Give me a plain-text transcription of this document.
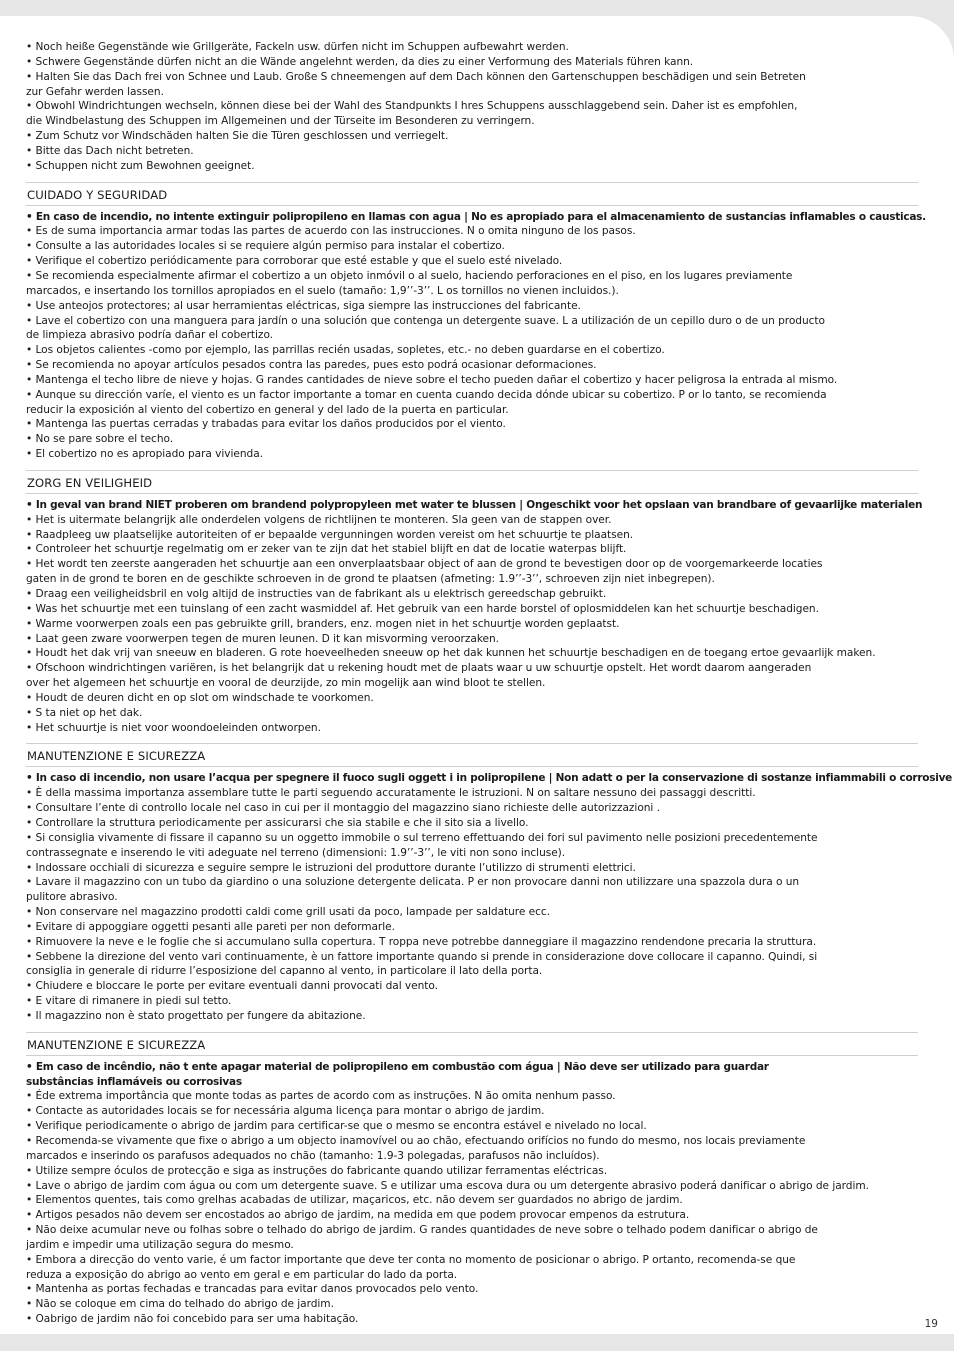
• Noch heiße Gegenstände wie Grillgeräte, Fackeln usw. dürfen nicht im Schuppen aufbewahrt werden.
• Schwere Gegenstände dürfen nicht an die Wände angelehnt werden, da dies zu einer Verformung des Materials führen kann.
• Halten Sie das Dach frei von Schnee und Laub. Große S chneemengen auf dem Dach können den Gartenschuppen beschädigen und sein Betreten
zur Gefahr werden lassen.
• Obwohl Windrichtungen wechseln, können diese bei der Wahl des Standpunkts I hres Schuppens ausschlaggebend sein. Daher ist es empfohlen,
die Windbelastung des Schuppen im Allgemeinen und der Türseite im Besonderen zu verringern.
• Zum Schutz vor Windschäden halten Sie die Türen geschlossen und verriegelt.
• Bitte das Dach nicht betreten.
• Schuppen nicht zum Bewohnen geeignet.
CUIDADO Y SEGURIDAD
• En caso de incendio, no intente extinguir polipropileno en llamas con agua | No es apropiado para el almacenamiento de sustancias inflamables o causticas.
• Es de suma importancia armar todas las partes de acuerdo con las instrucciones. N o omita ninguno de los pasos.
• Consulte a las autoridades locales si se requiere algún permiso para instalar el cobertizo.
• Verifique el cobertizo periódicamente para corroborar que esté estable y que el suelo esté nivelado.
• Se recomienda especialmente afirmar el cobertizo a un objeto inmóvil o al suelo, haciendo perforaciones en el piso, en los lugares previamente
marcados, e insertando los tornillos apropiados en el suelo (tamaño: 1,9’’-3’’. L os tornillos no vienen incluidos.).
• Use anteojos protectores; al usar herramientas eléctricas, siga siempre las instrucciones del fabricante.
• Lave el cobertizo con una manguera para jardín o una solución que contenga un detergente suave. L a utilización de un cepillo duro o de un producto
de limpieza abrasivo podría dañar el cobertizo.
• Los objetos calientes -como por ejemplo, las parrillas recién usadas, sopletes, etc.- no deben guardarse en el cobertizo.
• Se recomienda no apoyar artículos pesados contra las paredes, pues esto podrá ocasionar deformaciones.
• Mantenga el techo libre de nieve y hojas. G randes cantidades de nieve sobre el techo pueden dañar el cobertizo y hacer peligrosa la entrada al mismo.
• Aunque su dirección varíe, el viento es un factor importante a tomar en cuenta cuando decida dónde ubicar su cobertizo. P or lo tanto, se recomienda
reducir la exposición al viento del cobertizo en general y del lado de la puerta en particular.
• Mantenga las puertas cerradas y trabadas para evitar los daños producidos por el viento.
• No se pare sobre el techo.
• El cobertizo no es apropiado para vivienda.
ZORG EN VEILIGHEID
• In geval van brand NIET proberen om brandend polypropyleen met water te blussen | Ongeschikt voor het opslaan van brandbare of gevaarlijke materialen
• Het is uitermate belangrijk alle onderdelen volgens de richtlijnen te monteren. Sla geen van de stappen over.
• Raadpleeg uw plaatselijke autoriteiten of er bepaalde vergunningen worden vereist om het schuurtje te plaatsen.
• Controleer het schuurtje regelmatig om er zeker van te zijn dat het stabiel blijft en dat de locatie waterpas blijft.
• Het wordt ten zeerste aangeraden het schuurtje aan een onverplaatsbaar object of aan de grond te bevestigen door op de voorgemarkeerde locaties
gaten in de grond te boren en de geschikte schroeven in de grond te plaatsen (afmeting: 1.9’’-3’’, schroeven zijn niet inbegrepen).
• Draag een veiligheidsbril en volg altijd de instructies van de fabrikant als u elektrisch gereedschap gebruikt.
• Was het schuurtje met een tuinslang of een zacht wasmiddel af. Het gebruik van een harde borstel of oplosmiddelen kan het schuurtje beschadigen.
• Warme voorwerpen zoals een pas gebruikte grill, branders, enz. mogen niet in het schuurtje worden geplaatst.
• Laat geen zware voorwerpen tegen de muren leunen. D it kan misvorming veroorzaken.
• Houdt het dak vrij van sneeuw en bladeren. G rote hoeveelheden sneeuw op het dak kunnen het schuurtje beschadigen en de toegang ertoe gevaarlijk maken.
• Ofschoon windrichtingen variëren, is het belangrijk dat u rekening houdt met de plaats waar u uw schuurtje opstelt. Het wordt daarom aangeraden
over het algemeen het schuurtje en vooral de deurzijde, zo min mogelijk aan wind bloot te stellen.
• Houdt de deuren dicht en op slot om windschade te voorkomen.
• S ta niet op het dak.
• Het schuurtje is niet voor woondoeleinden ontworpen.
MANUTENZIONE E SICUREZZA
• In caso di incendio, non usare l’acqua per spegnere il fuoco sugli oggett i in polipropilene | Non adatt o per la conservazione di sostanze infiammabili o corrosive
• È della massima importanza assemblare tutte le parti seguendo accuratamente le istruzioni. N on saltare nessuno dei passaggi descritti.
• Consultare l’ente di controllo locale nel caso in cui per il montaggio del magazzino siano richieste delle autorizzazioni .
• Controllare la struttura periodicamente per assicurarsi che sia stabile e che il sito sia a livello.
• Si consiglia vivamente di fissare il capanno su un oggetto immobile o sul terreno effettuando dei fori sul pavimento nelle posizioni precedentemente
contrassegnate e inserendo le viti adeguate nel terreno (dimensioni: 1.9’’-3’’, le viti non sono incluse).
• Indossare occhiali di sicurezza e seguire sempre le istruzioni del produttore durante l’utilizzo di strumenti elettrici.
• Lavare il magazzino con un tubo da giardino o una soluzione detergente delicata. P er non provocare danni non utilizzare una spazzola dura o un
pulitore abrasivo.
• Non conservare nel magazzino prodotti caldi come grill usati da poco, lampade per saldature ecc.
• Evitare di appoggiare oggetti pesanti alle pareti per non deformarle.
• Rimuovere la neve e le foglie che si accumulano sulla copertura. T roppa neve potrebbe danneggiare il magazzino rendendone precaria la struttura.
• Sebbene la direzione del vento vari continuamente, è un fattore importante quando si prende in considerazione dove collocare il capanno. Quindi, si
consiglia in generale di ridurre l’esposizione del capanno al vento, in particolare il lato della porta.
• Chiudere e bloccare le porte per evitare eventuali danni provocati dal vento.
• E vitare di rimanere in piedi sul tetto.
• Il magazzino non è stato progettato per fungere da abitazione.
MANUTENZIONE E SICUREZZA
• Em caso de incêndio, não t ente apagar material de polipropileno em combustão com água | Não deve ser utilizado para guardar
substâncias inflamáveis ou corrosivas
• Éde extrema importância que monte todas as partes de acordo com as instruções. N ão omita nenhum passo.
• Contacte as autoridades locais se for necessária alguma licença para montar o abrigo de jardim.
• Verifique periodicamente o abrigo de jardim para certificar-se que o mesmo se encontra estável e nivelado no local.
• Recomenda-se vivamente que fixe o abrigo a um objecto inamovível ou ao chão, efectuando orifícios no fundo do mesmo, nos locais previamente
marcados e inserindo os parafusos adequados no chão (tamanho: 1.9-3 polegadas, parafusos não incluídos).
• Utilize sempre óculos de protecção e siga as instruções do fabricante quando utilizar ferramentas eléctricas.
• Lave o abrigo de jardim com água ou com um detergente suave. S e utilizar uma escova dura ou um detergente abrasivo poderá danificar o abrigo de jardim.
• Elementos quentes, tais como grelhas acabadas de utilizar, maçaricos, etc. não devem ser guardados no abrigo de jardim.
• Artigos pesados não devem ser encostados ao abrigo de jardim, na medida em que podem provocar empenos da estrutura.
• Não deixe acumular neve ou folhas sobre o telhado do abrigo de jardim. G randes quantidades de neve sobre o telhado podem danificar o abrigo de
jardim e impedir uma utilização segura do mesmo.
• Embora a direcção do vento varie, é um factor importante que deve ter conta no momento de posicionar o abrigo. P ortanto, recomenda-se que
reduza a exposição do abrigo ao vento em geral e em particular do lado da porta.
• Mantenha as portas fechadas e trancadas para evitar danos provocados pelo vento.
• Não se coloque em cima do telhado do abrigo de jardim.
• Oabrigo de jardim não foi concebido para ser uma habitação.	19
